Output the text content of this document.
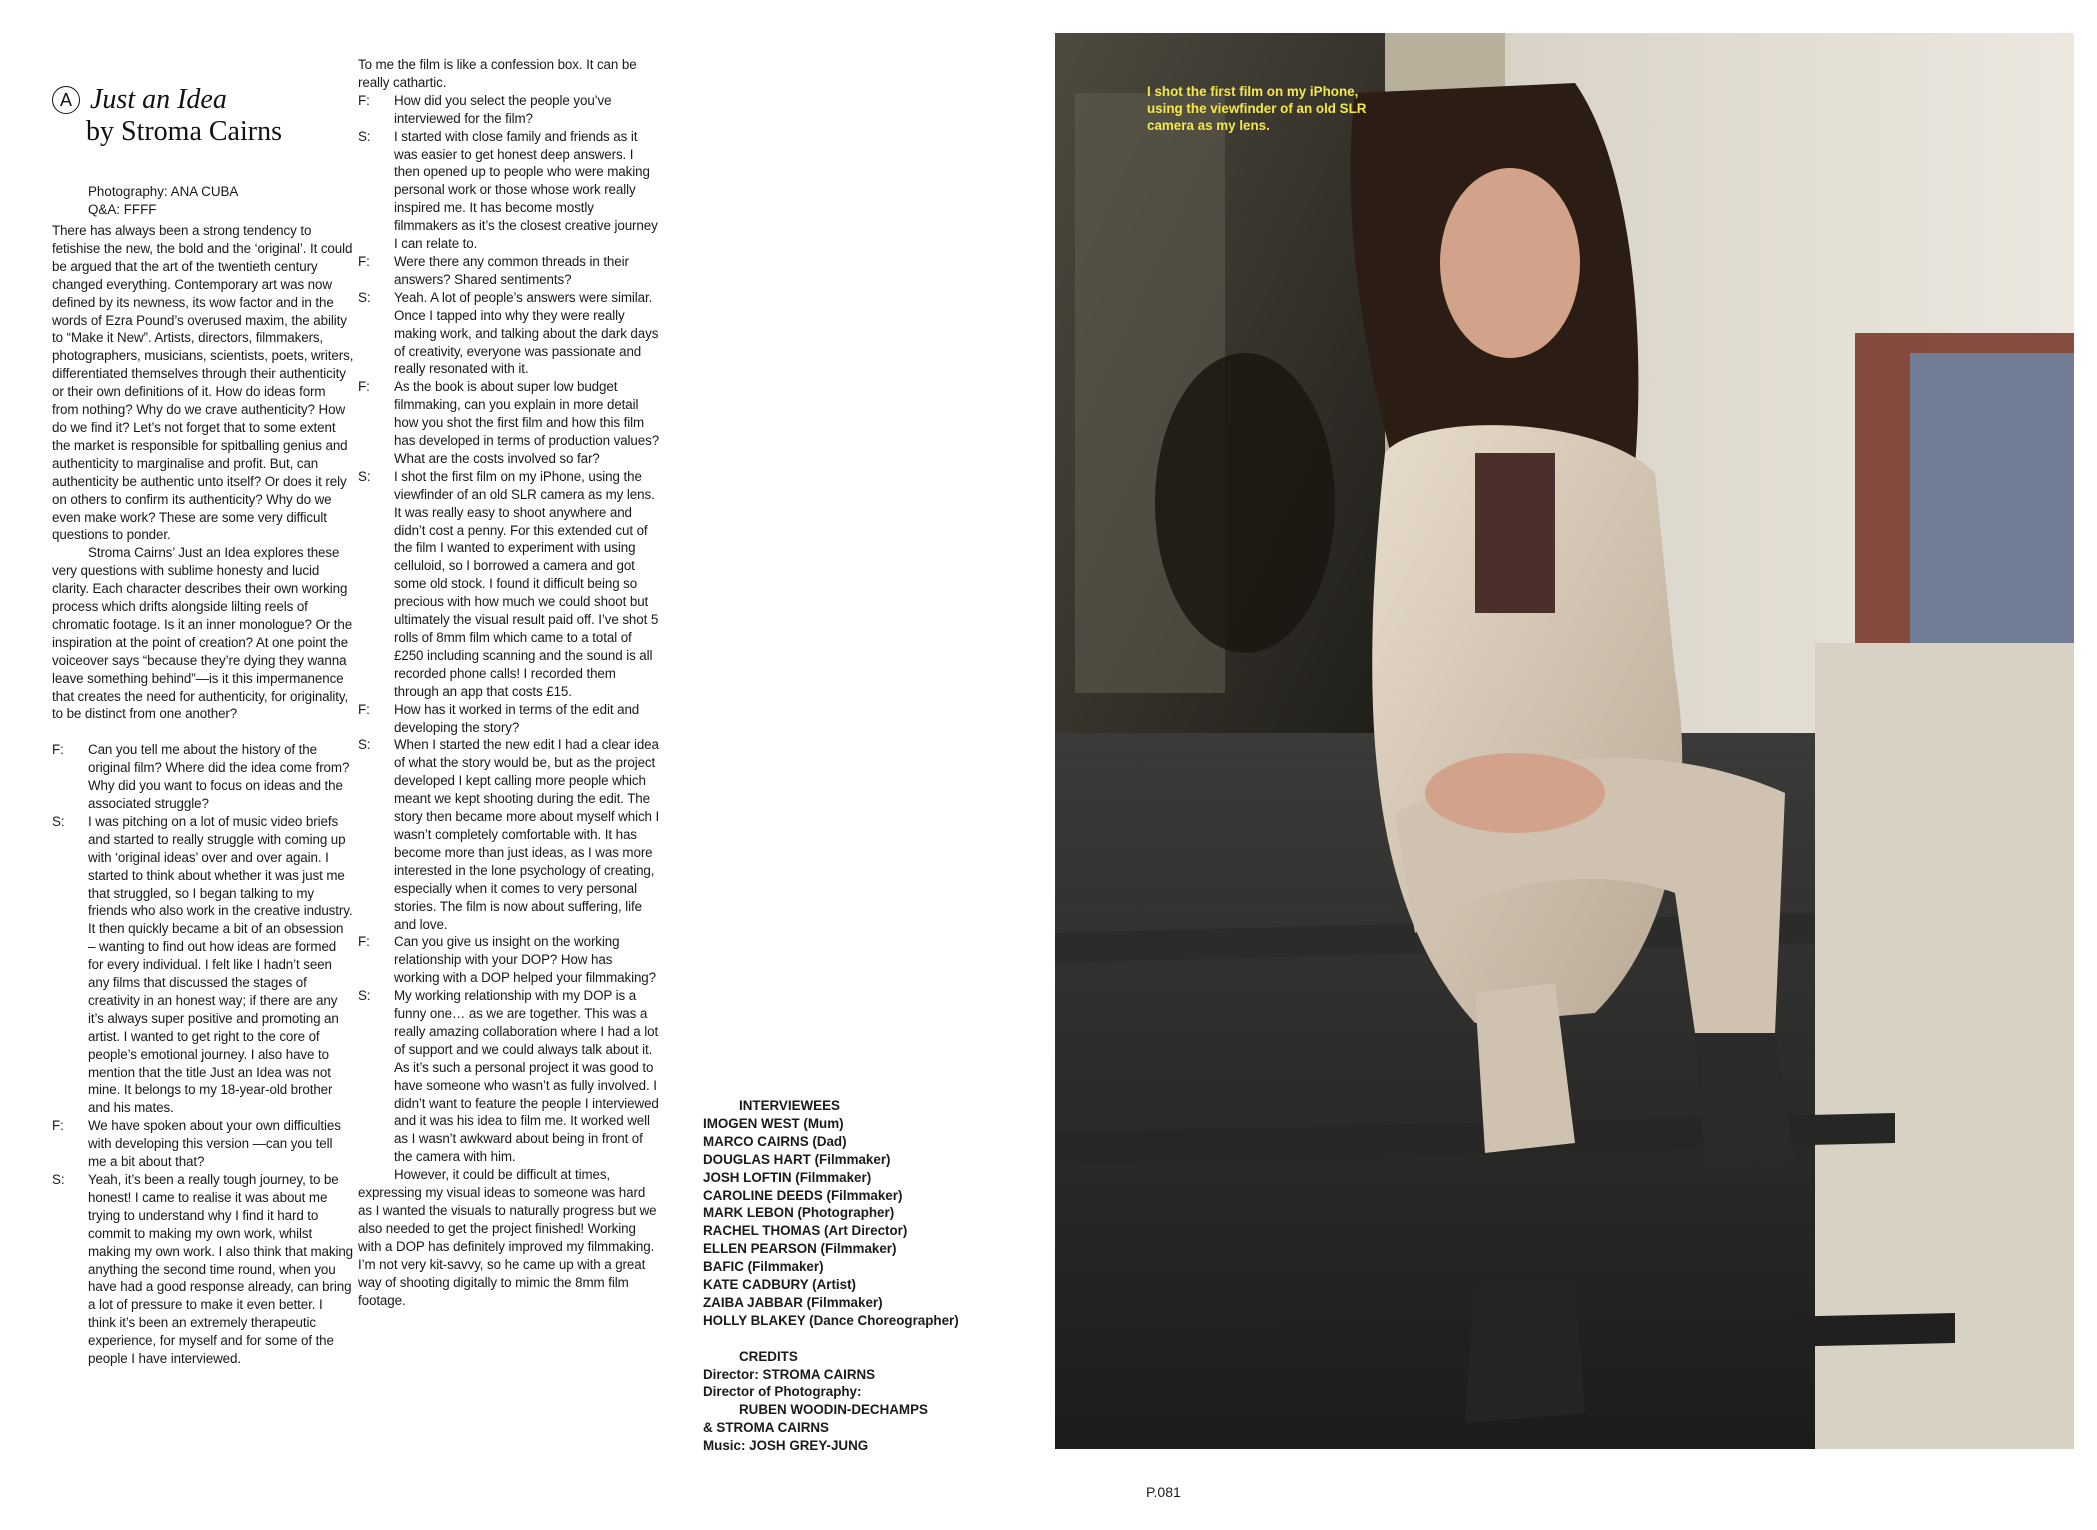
A Just an Idea
by Stroma Cairns
Photography: ANA CUBA
Q&A: FFFF

There has always been a strong tendency to fetishise the new, the bold and the ‘original’. It could be argued that the art of the twentieth century changed everything. Contemporary art was now defined by its newness, its wow factor and in the words of Ezra Pound’s overused maxim, the ability to “Make it New”. Artists, directors, filmmakers, photographers, musicians, scientists, poets, writers, differentiated themselves through their authenticity or their own definitions of it. How do ideas form from nothing? Why do we crave authenticity? How do we find it? Let’s not forget that to some extent the market is responsible for spitballing genius and authenticity to marginalise and profit. But, can authenticity be authentic unto itself? Or does it rely on others to confirm its authenticity? Why do we even make work? These are some very difficult questions to ponder.

Stroma Cairns’ Just an Idea explores these very questions with sublime honesty and lucid clarity. Each character describes their own working process which drifts alongside lilting reels of chromatic footage. Is it an inner monologue? Or the inspiration at the point of creation? At one point the voiceover says “because they’re dying they wanna leave something behind”—is it this impermanence that creates the need for authenticity, for originality, to be distinct from one another?

F:	Can you tell me about the history of the original film? Where did the idea come from? Why did you want to focus on ideas and the associated struggle?
S:	I was pitching on a lot of music video briefs and started to really struggle with coming up with ‘original ideas’ over and over again. I started to think about whether it was just me that struggled, so I began talking to my friends who also work in the creative industry. It then quickly became a bit of an obsession – wanting to find out how ideas are formed for every individual. I felt like I hadn’t seen any films that discussed the stages of creativity in an honest way; if there are any it’s always super positive and promoting an artist. I wanted to get right to the core of people’s emotional journey. I also have to mention that the title Just an Idea was not mine. It belongs to my 18-year-old brother and his mates.
F:	We have spoken about your own difficulties with developing this version —can you tell me a bit about that?
S:	Yeah, it’s been a really tough journey, to be honest! I came to realise it was about me trying to understand why I find it hard to commit to making my own work, whilst making my own work. I also think that making anything the second time round, when you have had a good response already, can bring a lot of pressure to make it even better. I think it’s been an extremely therapeutic experience, for myself and for some of the people I have interviewed.

To me the film is like a confession box. It can be really cathartic.

F:	How did you select the people you’ve interviewed for the film?
S:	I started with close family and friends as it was easier to get honest deep answers. I then opened up to people who were making personal work or those whose work really inspired me. It has become mostly filmmakers as it’s the closest creative journey I can relate to.
F:	Were there any common threads in their answers? Shared sentiments?
S:	Yeah. A lot of people’s answers were similar. Once I tapped into why they were really making work, and talking about the dark days of creativity, everyone was passionate and really resonated with it.
F:	As the book is about super low budget filmmaking, can you explain in more detail how you shot the first film and how this film has developed in terms of production values? What are the costs involved so far?
S:	I shot the first film on my iPhone, using the viewfinder of an old SLR camera as my lens. It was really easy to shoot anywhere and didn’t cost a penny. For this extended cut of the film I wanted to experiment with using celluloid, so I borrowed a camera and got some old stock. I found it difficult being so precious with how much we could shoot but ultimately the visual result paid off. I’ve shot 5 rolls of 8mm film which came to a total of £250 including scanning and the sound is all recorded phone calls! I recorded them through an app that costs £15.
F:	How has it worked in terms of the edit and developing the story?
S:	When I started the new edit I had a clear idea of what the story would be, but as the project developed I kept calling more people which meant we kept shooting during the edit. The story then became more about myself which I wasn’t completely comfortable with. It has become more than just ideas, as I was more interested in the lone psychology of creating, especially when it comes to very personal stories. The film is now about suffering, life and love.
F:	Can you give us insight on the working relationship with your DOP? How has working with a DOP helped your filmmaking?
S:	My working relationship with my DOP is a funny one… as we are together. This was a really amazing collaboration where I had a lot of support and we could always talk about it. As it’s such a personal project it was good to have someone who wasn’t as fully involved. I didn’t want to feature the people I interviewed and it was his idea to film me. It worked well as I wasn’t awkward about being in front of the camera with him.

However, it could be difficult at times, expressing my visual ideas to someone was hard as I wanted the visuals to naturally progress but we also needed to get the project finished! Working with a DOP has definitely improved my filmmaking. I’m not very kit-savvy, so he came up with a great way of shooting digitally to mimic the 8mm film footage.

INTERVIEWEES
IMOGEN WEST (Mum)
MARCO CAIRNS (Dad)
DOUGLAS HART (Filmmaker)
JOSH LOFTIN (Filmmaker)
CAROLINE DEEDS (Filmmaker)
MARK LEBON (Photographer)
RACHEL THOMAS (Art Director)
ELLEN PEARSON (Filmmaker)
BAFIC (Filmmaker)
KATE CADBURY (Artist)
ZAIBA JABBAR (Filmmaker)
HOLLY BLAKEY (Dance Choreographer)
CREDITS
Director: STROMA CAIRNS
Director of Photography:
RUBEN WOODIN-DECHAMPS
& STROMA CAIRNS
Music: JOSH GREY-JUNG
I shot the first film on my iPhone, using the viewfinder of an old SLR camera as my lens.
P.081
